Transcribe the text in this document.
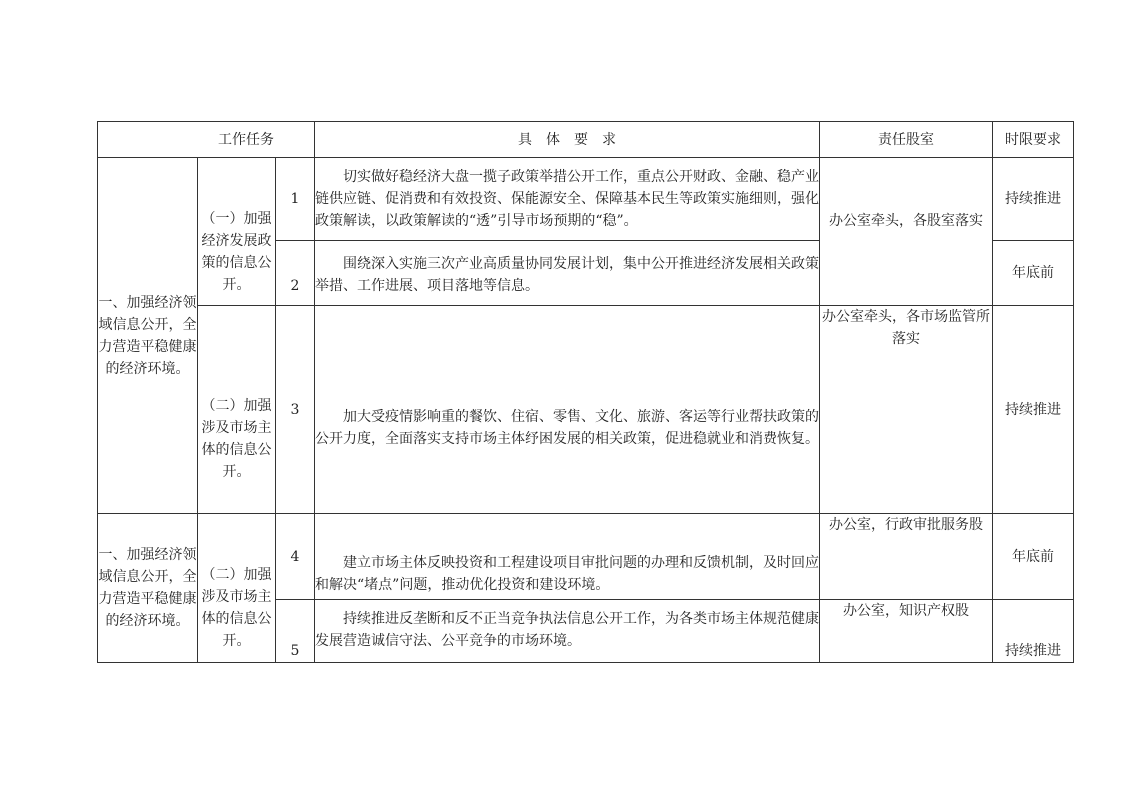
工作任务			具　体　要　求	责任股室	时限要求
一、加强经济领域信息公开，全力营造平稳健康的经济环境。	（一）加强经济发展政策的信息公开。	1	切实做好稳经济大盘一揽子政策举措公开工作，重点公开财政、金融、稳产业链供应链、促消费和有效投资、保能源安全、保障基本民生等政策实施细则，强化政策解读，以政策解读的“透”引导市场预期的“稳”。	办公室牵头，各股室落实	持续推进
		2	围绕深入实施三次产业高质量协同发展计划，集中公开推进经济发展相关政策举措、工作进展、项目落地等信息。		年底前
	（二）加强涉及市场主体的信息公开。	3	加大受疫情影响重的餐饮、住宿、零售、文化、旅游、客运等行业帮扶政策的公开力度，全面落实支持市场主体纾困发展的相关政策，促进稳就业和消费恢复。	办公室牵头，各市场监管所落实	持续推进
一、加强经济领域信息公开，全力营造平稳健康的经济环境。	（二）加强涉及市场主体的信息公开。	4	建立市场主体反映投资和工程建设项目审批问题的办理和反馈机制，及时回应和解决“堵点”问题，推动优化投资和建设环境。	办公室，行政审批服务股	年底前
		5	持续推进反垄断和反不正当竞争执法信息公开工作，为各类市场主体规范健康发展营造诚信守法、公平竞争的市场环境。	办公室，知识产权股	持续推进
